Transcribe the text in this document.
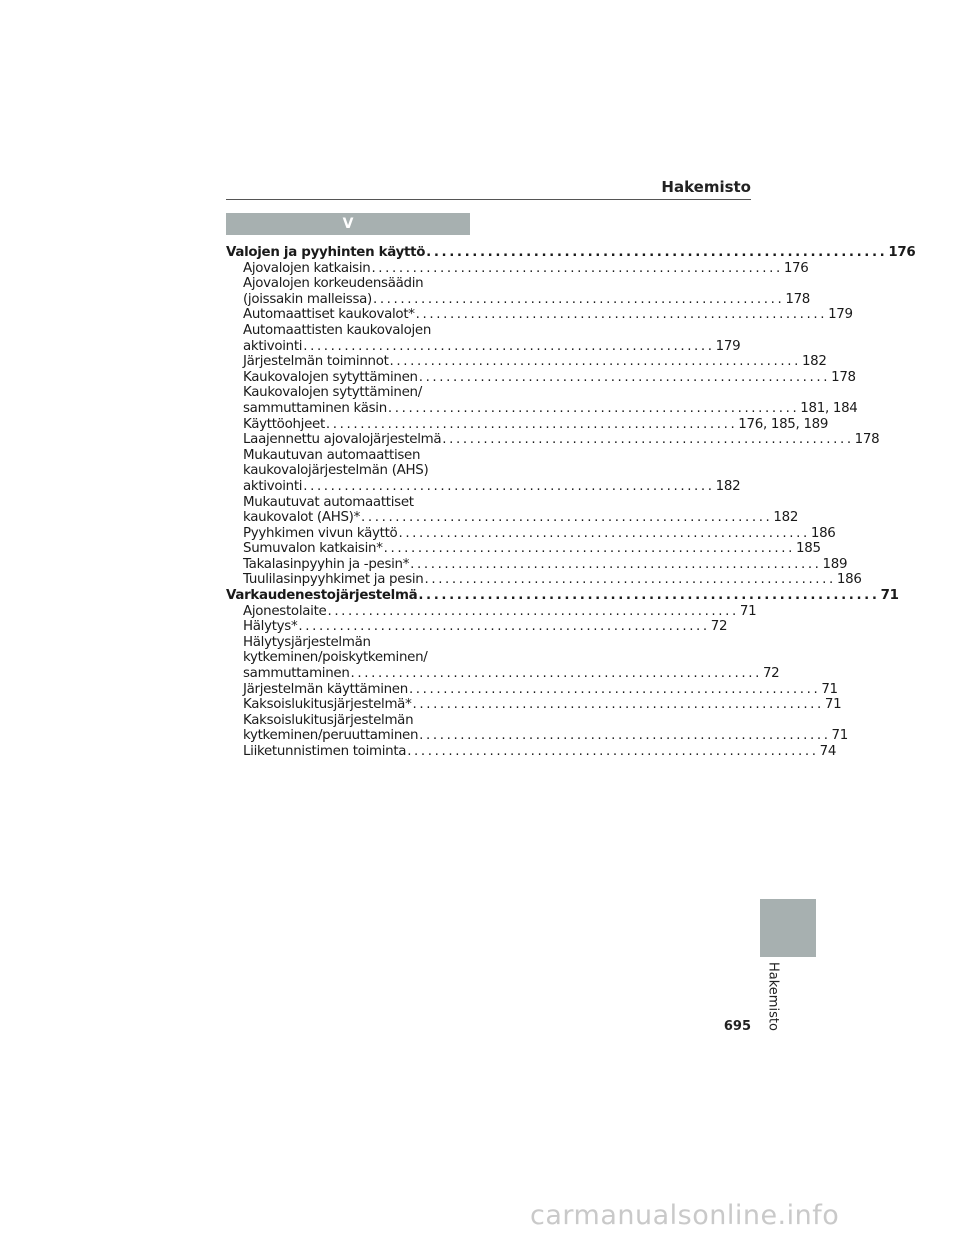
Hakemisto
V
Valojen ja pyyhinten käyttö ............................................................ 176
Ajovalojen katkaisin ............................................................ 176
Ajovalojen korkeudensäädin
(joissakin malleissa) ............................................................ 178
Automaattiset kaukovalot* ............................................................ 179
Automaattisten kaukovalojen
aktivointi ............................................................ 179
Järjestelmän toiminnot ............................................................ 182
Kaukovalojen sytyttäminen ............................................................ 178
Kaukovalojen sytyttäminen/
sammuttaminen käsin ............................................................ 181, 184
Käyttöohjeet ............................................................ 176, 185, 189
Laajennettu ajovalojärjestelmä ............................................................ 178
Mukautuvan automaattisen
kaukovalojärjestelmän (AHS)
aktivointi ............................................................ 182
Mukautuvat automaattiset
kaukovalot (AHS)* ............................................................ 182
Pyyhkimen vivun käyttö ............................................................ 186
Sumuvalon katkaisin* ............................................................ 185
Takalasinpyyhin ja -pesin* ............................................................ 189
Tuulilasinpyyhkimet ja pesin ............................................................ 186
Varkaudenestojärjestelmä ............................................................ 71
Ajonestolaite ............................................................ 71
Hälytys* ............................................................ 72
Hälytysjärjestelmän
kytkeminen/poiskytkeminen/
sammuttaminen ............................................................ 72
Järjestelmän käyttäminen ............................................................ 71
Kaksoislukitusjärjestelmä* ............................................................ 71
Kaksoislukitusjärjestelmän
kytkeminen/peruuttaminen ............................................................ 71
Liiketunnistimen toiminta ............................................................ 74
Hakemisto
695
carmanualsonline.info
